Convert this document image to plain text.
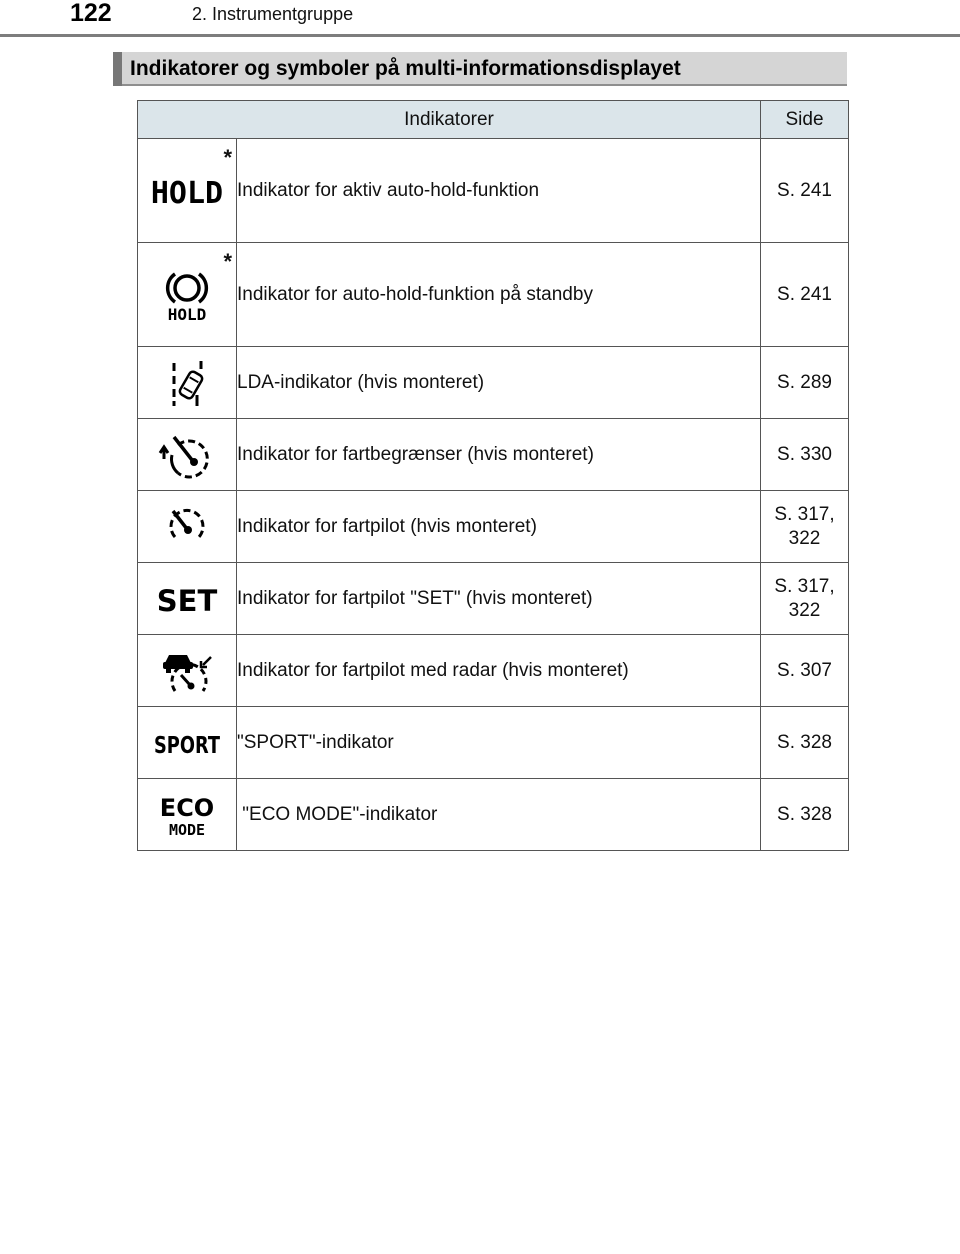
122	2. Instrumentgruppe
Indikatorer og symboler på multi-informationsdisplayet
Indikatorer		Side

*
HOLD	Indikator for aktiv auto-hold-funktion	S. 241

*
HOLD	Indikator for auto-hold-funktion på standby	S. 241

	LDA-indikator (hvis monteret)	S. 289

	Indikator for fartbegrænser (hvis monteret)	S. 330

	Indikator for fartpilot (hvis monteret)	S. 317,
322

SET	Indikator for fartpilot "SET" (hvis monteret)	S. 317,
322

	Indikator for fartpilot med radar (hvis monteret)	S. 307

SPORT	"SPORT"-indikator	S. 328

ECO
MODE	"ECO MODE"-indikator	S. 328
